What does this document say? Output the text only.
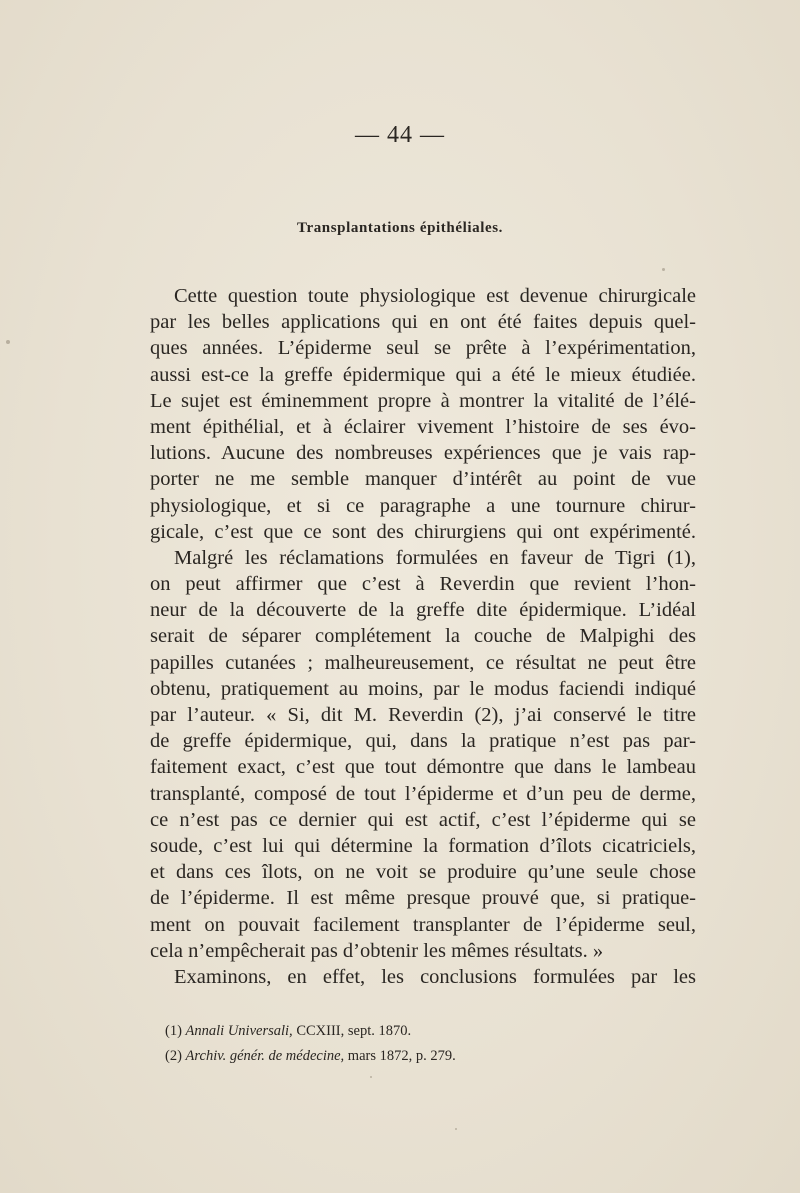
— 44 —
Transplantations épithéliales.
Cette question toute physiologique est devenue chirurgicale
par les belles applications qui en ont été faites depuis quel-
ques années. L’épiderme seul se prête à l’expérimentation,
aussi est-ce la greffe épidermique qui a été le mieux étudiée.
Le sujet est éminemment propre à montrer la vitalité de l’élé-
ment épithélial, et à éclairer vivement l’histoire de ses évo-
lutions. Aucune des nombreuses expériences que je vais rap-
porter ne me semble manquer d’intérêt au point de vue
physiologique, et si ce paragraphe a une tournure chirur-
gicale, c’est que ce sont des chirurgiens qui ont expérimenté.
Malgré les réclamations formulées en faveur de Tigri (1),
on peut affirmer que c’est à Reverdin que revient l’hon-
neur de la découverte de la greffe dite épidermique. L’idéal
serait de séparer complétement la couche de Malpighi des
papilles cutanées ; malheureusement, ce résultat ne peut être
obtenu, pratiquement au moins, par le modus faciendi indiqué
par l’auteur. « Si, dit M. Reverdin (2), j’ai conservé le titre
de greffe épidermique, qui, dans la pratique n’est pas par-
faitement exact, c’est que tout démontre que dans le lambeau
transplanté, composé de tout l’épiderme et d’un peu de derme,
ce n’est pas ce dernier qui est actif, c’est l’épiderme qui se
soude, c’est lui qui détermine la formation d’îlots cicatriciels,
et dans ces îlots, on ne voit se produire qu’une seule chose
de l’épiderme. Il est même presque prouvé que, si pratique-
ment on pouvait facilement transplanter de l’épiderme seul,
cela n’empêcherait pas d’obtenir les mêmes résultats. »
Examinons, en effet, les conclusions formulées par les
(1) Annali Universali, CCXIII, sept. 1870.
(2) Archiv. génér. de médecine, mars 1872, p. 279.
